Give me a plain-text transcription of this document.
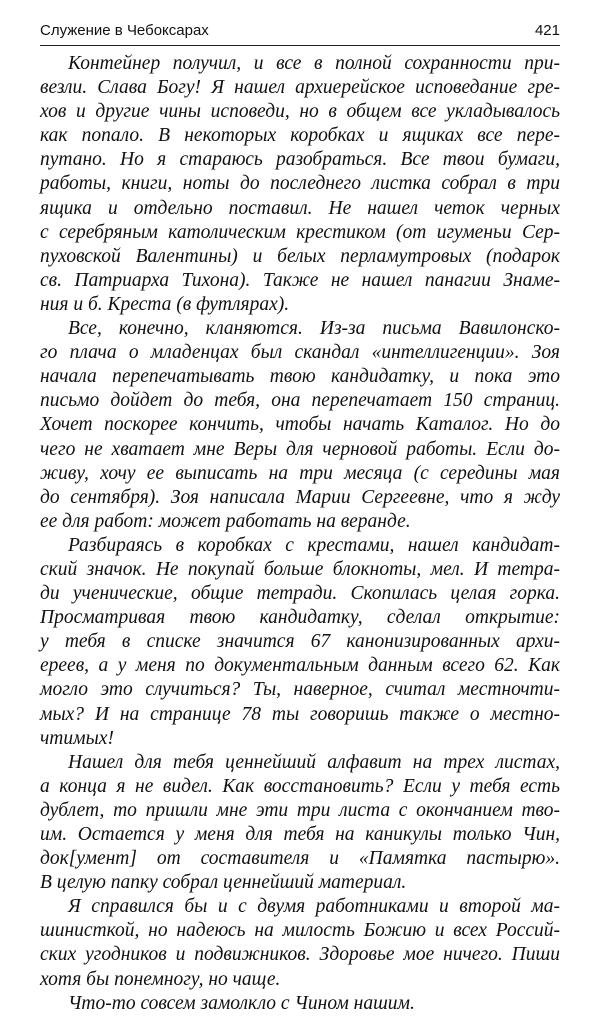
Служение в Чебоксарах	421
Контейнер получил, и все в полной сохранности при-
везли. Слава Богу! Я нашел архиерейское исповедание гре-
хов и другие чины исповеди, но в общем все укладывалось
как попало. В некоторых коробках и ящиках все пере-
путано. Но я стараюсь разобраться. Все твои бумаги,
работы, книги, ноты до последнего листка собрал в три
ящика и отдельно поставил. Не нашел четок черных
с серебряным католическим крестиком (от игуменьи Сер-
пуховской Валентины) и белых перламутровых (подарок
св. Патриарха Тихона). Также не нашел панагии Знаме-
ния и б. Креста (в футлярах).
Все, конечно, кланяются. Из-за письма Вавилонско-
го плача о младенцах был скандал «интеллигенции». Зоя
начала перепечатывать твою кандидатку, и пока это
письмо дойдет до тебя, она перепечатает 150 страниц.
Хочет поскорее кончить, чтобы начать Каталог. Но до
чего не хватает мне Веры для черновой работы. Если до-
живу, хочу ее выписать на три месяца (с середины мая
до сентября). Зоя написала Марии Сергеевне, что я жду
ее для работ: может работать на веранде.
Разбираясь в коробках с крестами, нашел кандидат-
ский значок. Не покупай больше блокноты, мел. И тетра-
ди ученические, общие тетради. Скопилась целая горка.
Просматривая твою кандидатку, сделал открытие:
у тебя в списке значится 67 канонизированных архи-
ереев, а у меня по документальным данным всего 62. Как
могло это случиться? Ты, наверное, считал местночти-
мых? И на странице 78 ты говоришь также о местно-
чтимых!
Нашел для тебя ценнейший алфавит на трех листах,
а конца я не видел. Как восстановить? Если у тебя есть
дублет, то пришли мне эти три листа с окончанием тво-
им. Остается у меня для тебя на каникулы только Чин,
док[умент] от составителя и «Памятка пастырю».
В целую папку собрал ценнейший материал.
Я справился бы и с двумя работниками и второй ма-
шинисткой, но надеюсь на милость Божию и всех Россий-
ских угодников и подвижников. Здоровье мое ничего. Пиши
хотя бы понемногу, но чаще.
Что-то совсем замолкло с Чином нашим.
